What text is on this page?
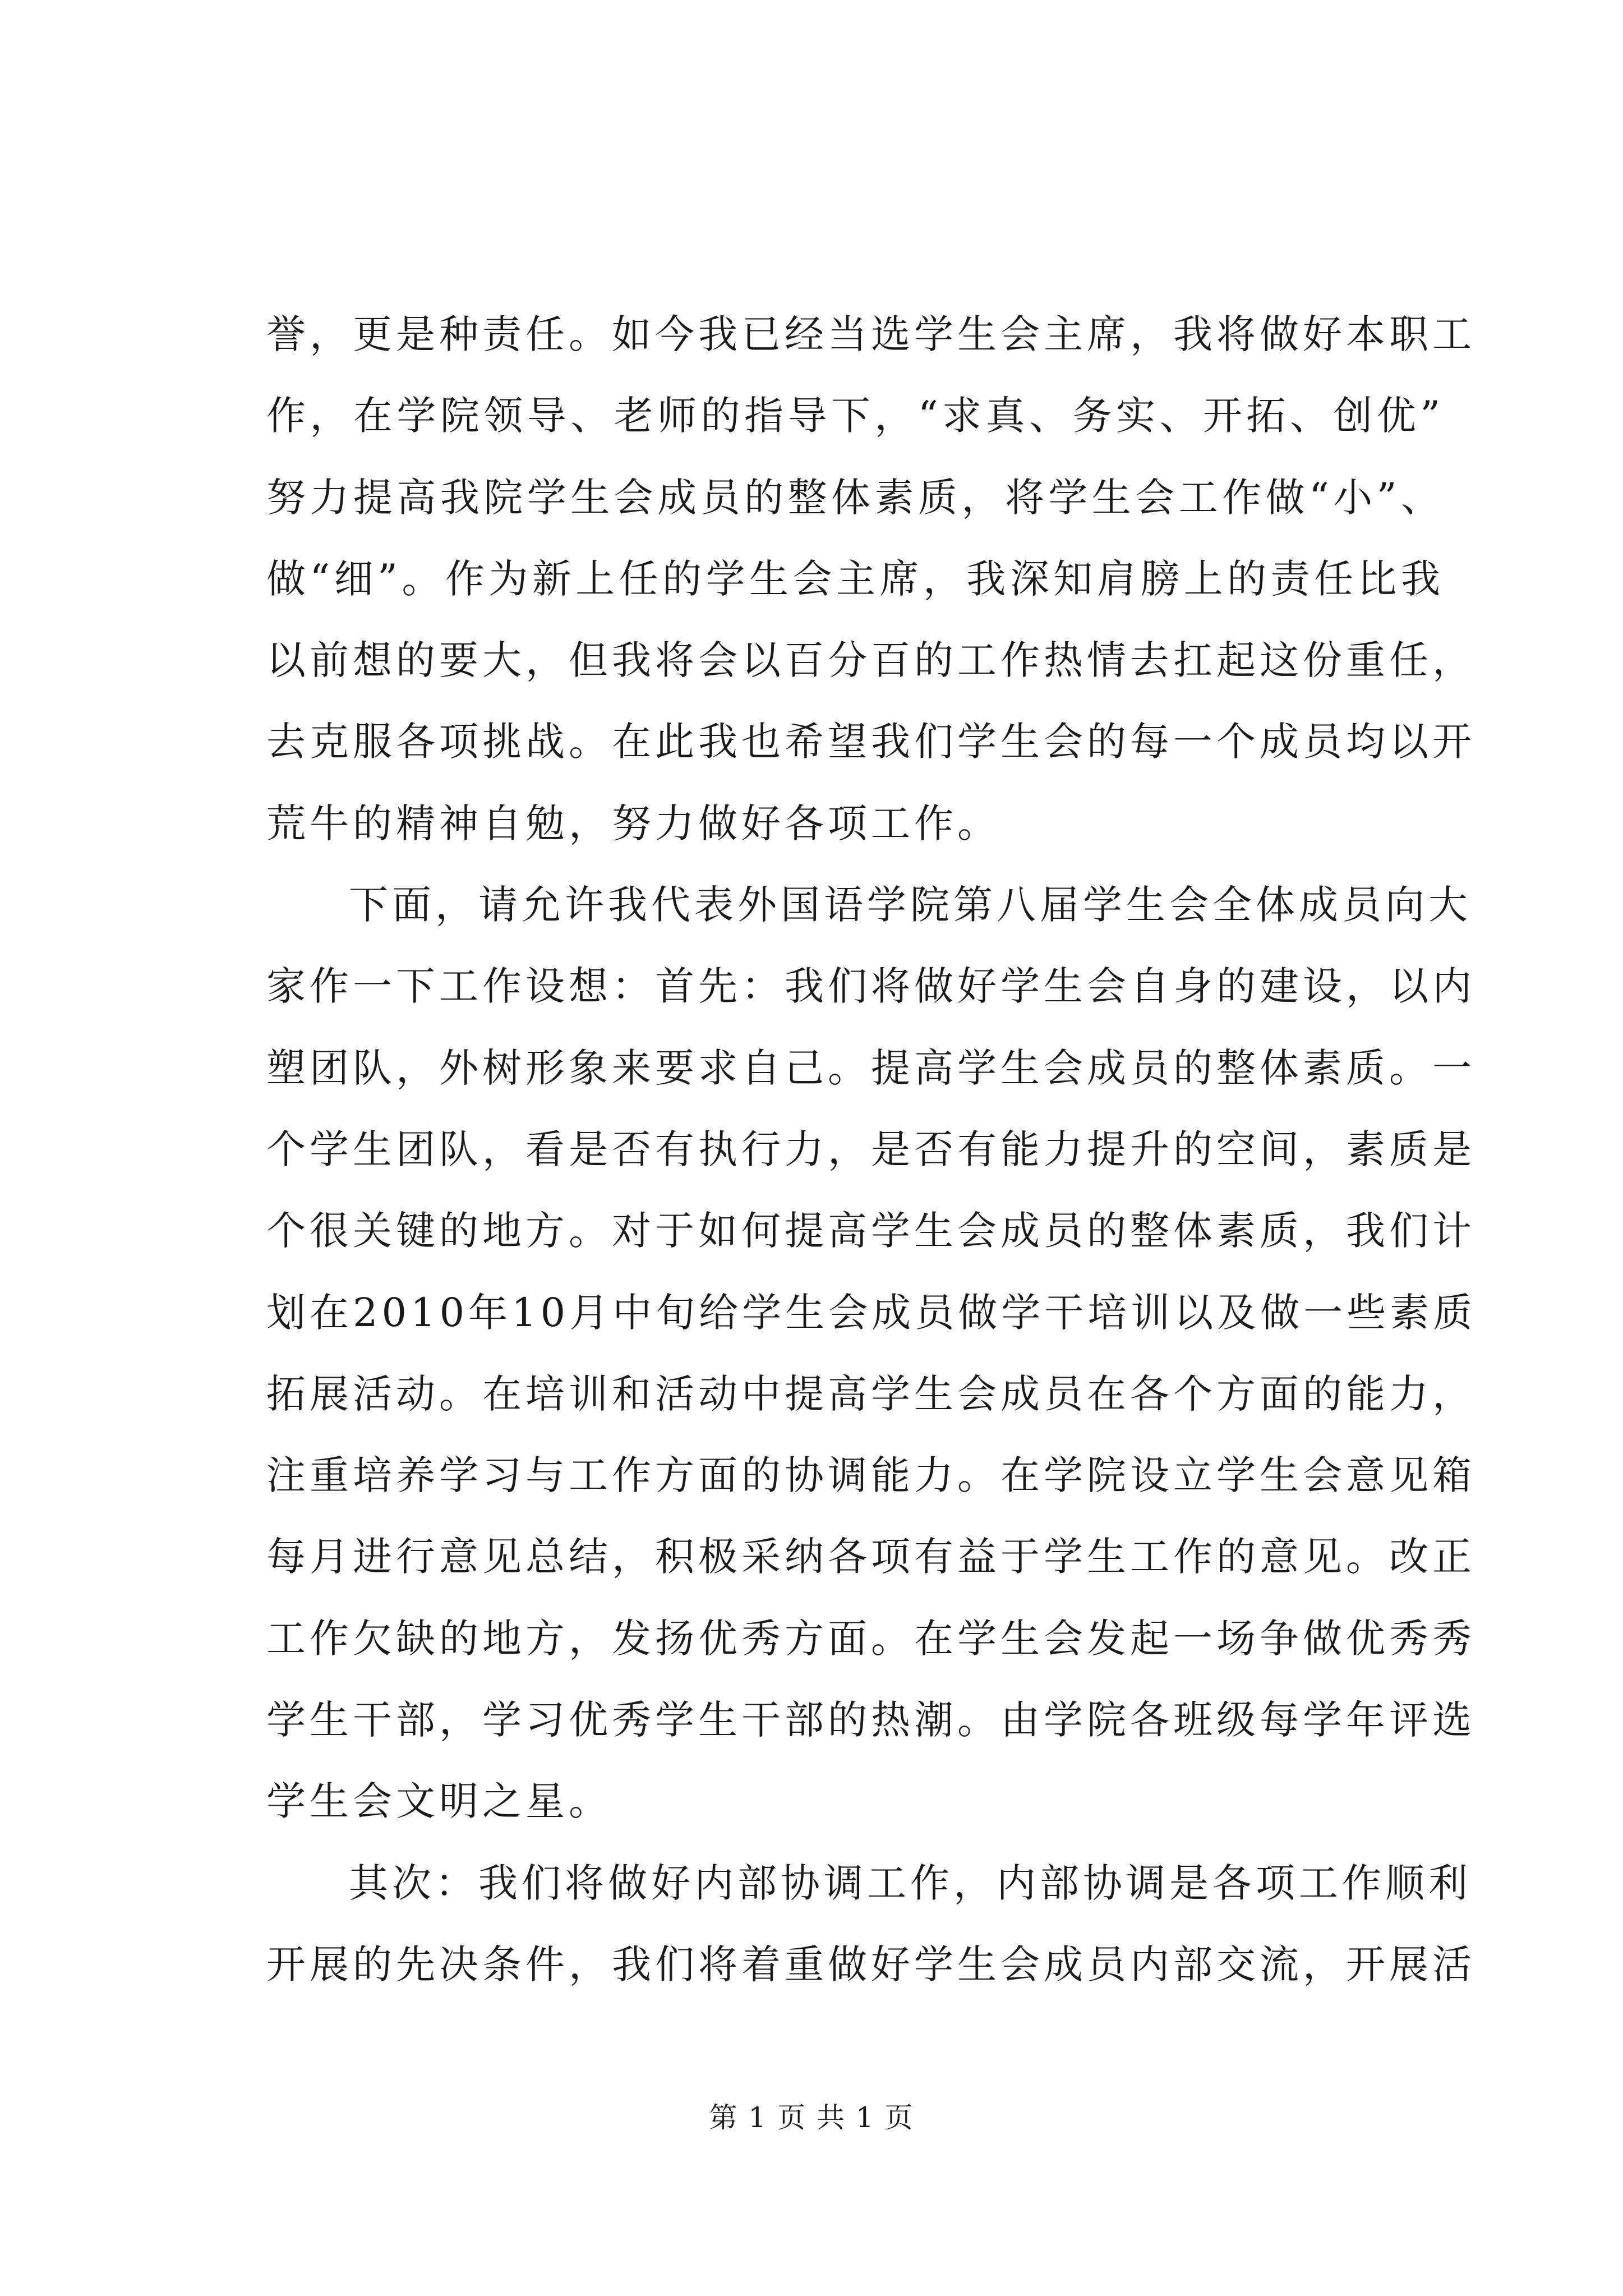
誉，更是种责任。如今我已经当选学生会主席，我将做好本职工
作，在学院领导、老师的指导下，“求真、务实、开拓、创优”
努力提高我院学生会成员的整体素质，将学生会工作做“小”、
做“细”。作为新上任的学生会主席，我深知肩膀上的责任比我
以前想的要大，但我将会以百分百的工作热情去扛起这份重任，
去克服各项挑战。在此我也希望我们学生会的每一个成员均以开
荒牛的精神自勉，努力做好各项工作。
下面，请允许我代表外国语学院第八届学生会全体成员向大
家作一下工作设想：首先：我们将做好学生会自身的建设，以内
塑团队，外树形象来要求自己。提高学生会成员的整体素质。一
个学生团队，看是否有执行力，是否有能力提升的空间，素质是
个很关键的地方。对于如何提高学生会成员的整体素质，我们计
划在2010年10月中旬给学生会成员做学干培训以及做一些素质
拓展活动。在培训和活动中提高学生会成员在各个方面的能力，
注重培养学习与工作方面的协调能力。在学院设立学生会意见箱
每月进行意见总结，积极采纳各项有益于学生工作的意见。改正
工作欠缺的地方，发扬优秀方面。在学生会发起一场争做优秀秀
学生干部，学习优秀学生干部的热潮。由学院各班级每学年评选
学生会文明之星。
其次：我们将做好内部协调工作，内部协调是各项工作顺利
开展的先决条件，我们将着重做好学生会成员内部交流，开展活
第 1 页 共 1 页
